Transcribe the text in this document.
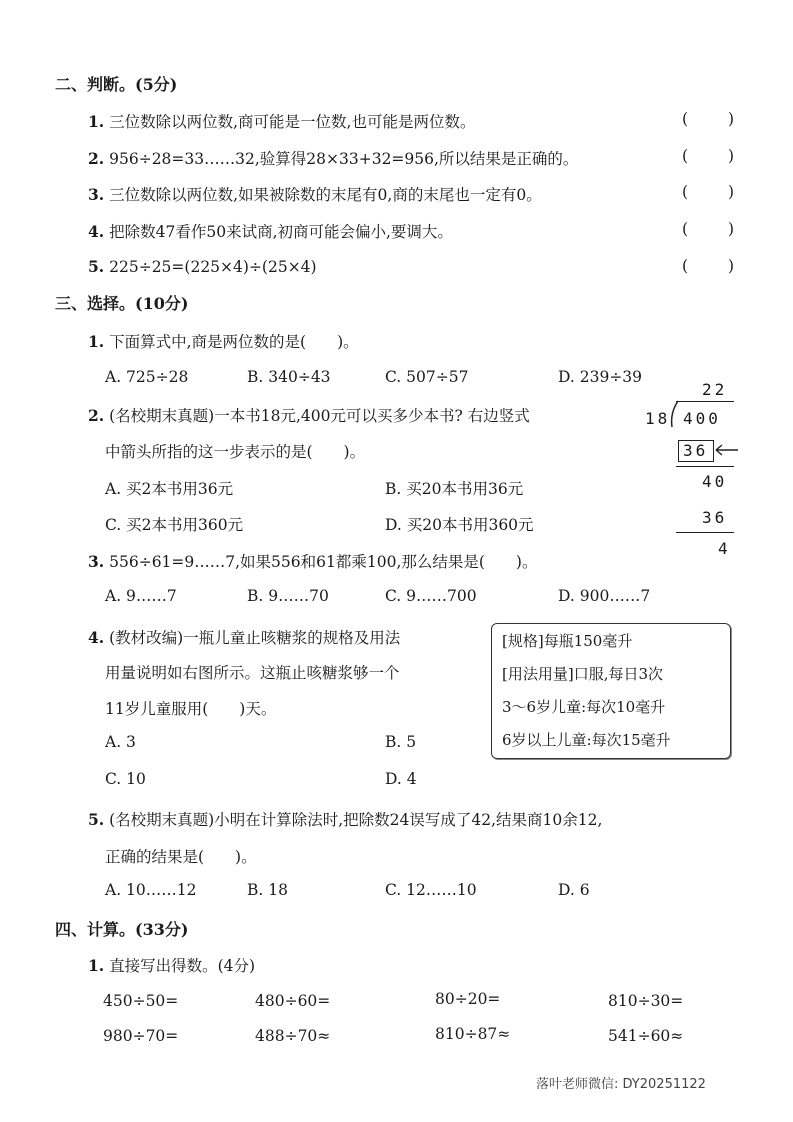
二、判断。(5分)
1. 三位数除以两位数,商可能是一位数,也可能是两位数。	(	)
2. 956÷28=33……32,验算得28×33+32=956,所以结果是正确的。	(	)
3. 三位数除以两位数,如果被除数的末尾有0,商的末尾也一定有0。	(	)
4. 把除数47看作50来试商,初商可能会偏小,要调大。	(	)
5. 225÷25=(225×4)÷(25×4)	(	)
三、选择。(10分)
1. 下面算式中,商是两位数的是(　　)。
A. 725÷28	B. 340÷43	C. 507÷57	D. 239÷39
2. (名校期末真题)一本书18元,400元可以买多少本书? 右边竖式
中箭头所指的这一步表示的是(　　)。
A. 买2本书用36元	B. 买20本书用36元
C. 买2本书用360元	D. 买20本书用360元
22
18 400
36
40
36
4
3. 556÷61=9……7,如果556和61都乘100,那么结果是(　　)。
A. 9……7	B. 9……70	C. 9……700	D. 900……7
4. (教材改编)一瓶儿童止咳糖浆的规格及用法
用量说明如右图所示。这瓶止咳糖浆够一个
11岁儿童服用(　　)天。
A. 3	B. 5
C. 10	D. 4
[规格]每瓶150毫升
[用法用量]口服,每日3次
3～6岁儿童:每次10毫升
6岁以上儿童:每次15毫升
5. (名校期末真题)小明在计算除法时,把除数24误写成了42,结果商10余12,
正确的结果是(　　)。
A. 10……12	B. 18	C. 12……10	D. 6
四、计算。(33分)
1. 直接写出得数。(4分)
450÷50=	480÷60=	80÷20=	810÷30=
980÷70=	488÷70≈	810÷87≈	541÷60≈
落叶老师微信: DY20251122
